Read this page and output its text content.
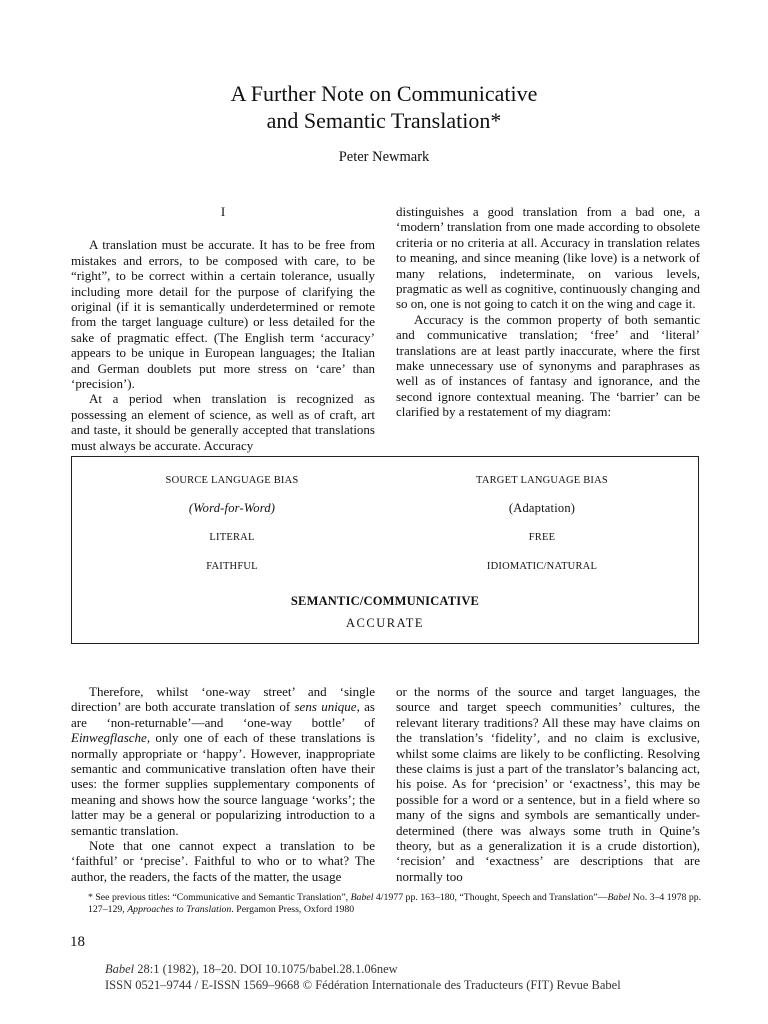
A Further Note on Communicative
and Semantic Translation*
Peter Newmark

I

A translation must be accurate. It has to be free from mistakes and errors, to be composed with care, to be “right”, to be correct within a certain tolerance, usually including more detail for the purpose of clarifying the original (if it is semantically underdetermined or remote from the target language culture) or less detailed for the sake of pragmatic effect. (The English term ‘accuracy’ appears to be unique in European languages; the Italian and German doublets put more stress on ‘care’ than ‘precision’).

At a period when translation is recognized as possessing an element of science, as well as of craft, art and taste, it should be generally accepted that translations must always be accurate. Accuracy

distinguishes a good translation from a bad one, a ‘modern’ translation from one made according to obsolete criteria or no criteria at all. Accuracy in translation relates to meaning, and since meaning (like love) is a network of many relations, indeterminate, on various levels, pragmatic as well as cognitive, continuously changing and so on, one is not going to catch it on the wing and cage it.

Accuracy is the common property of both semantic and communicative translation; ‘free’ and ‘literal’ translations are at least partly inaccurate, where the first make unnecessary use of synonyms and paraphrases as well as of instances of fantasy and ignorance, and the second ignore contextual meaning. The ‘barrier’ can be clarified by a restatement of my diagram:

SOURCE LANGUAGE BIAS	TARGET LANGUAGE BIAS
(Word-for-Word)	(Adaptation)
LITERAL	FREE
FAITHFUL	IDIOMATIC/NATURAL
SEMANTIC/COMMUNICATIVE
ACCURATE

Therefore, whilst ‘one-way street’ and ‘single direction’ are both accurate translation of sens unique, as are ‘non-returnable’—and ‘one-way bottle’ of Einwegflasche, only one of each of these translations is normally appropriate or ‘happy’. However, inappropriate semantic and communicative translation often have their uses: the former supplies supplementary components of meaning and shows how the source language ‘works’; the latter may be a general or popularizing introduction to a semantic translation.

Note that one cannot expect a translation to be ‘faithful’ or ‘precise’. Faithful to who or to what? The author, the readers, the facts of the matter, the usage

or the norms of the source and target languages, the source and target speech communities’ cultures, the relevant literary traditions? All these may have claims on the translation’s ‘fidelity’, and no claim is exclusive, whilst some claims are likely to be conflicting. Resolving these claims is just a part of the translator’s balancing act, his poise. As for ‘precision’ or ‘exactness’, this may be possible for a word or a sentence, but in a field where so many of the signs and symbols are semantically under-determined (there was always some truth in Quine’s theory, but as a generalization it is a crude distortion), ‘recision’ and ‘exactness’ are descriptions that are normally too

* See previous titles: “Communicative and Semantic Translation”, Babel 4/1977 pp. 163–180, “Thought, Speech and Translation”—Babel No. 3–4 1978 pp. 127–129, Approaches to Translation. Pergamon Press, Oxford 1980
18
Babel 28:1 (1982), 18–20. DOI 10.1075/babel.28.1.06new
ISSN 0521–9744 / E-ISSN 1569–9668 © Fédération Internationale des Traducteurs (FIT) Revue Babel
